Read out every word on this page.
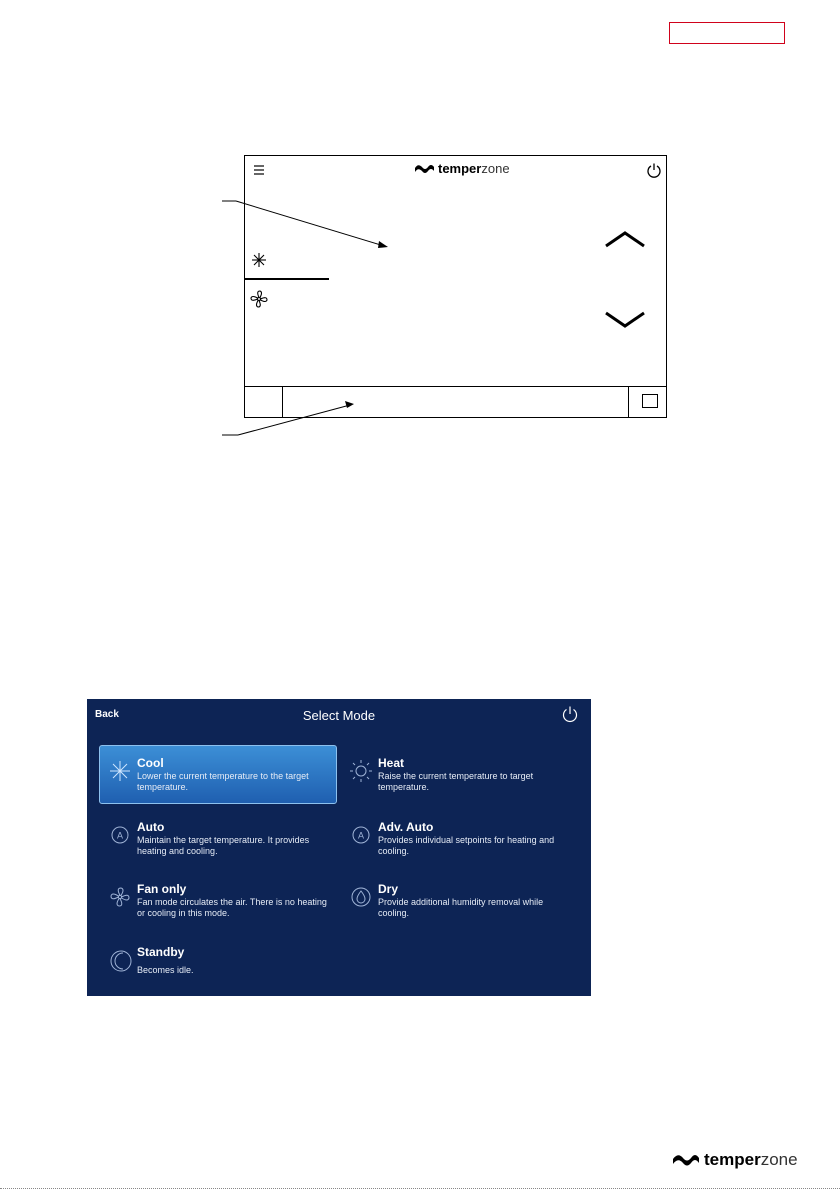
temper zone
Back	Select Mode
Cool
Lower the current temperature to the target temperature.
Heat
Raise the current temperature to target temperature.
A
Auto
Maintain the target temperature. It provides heating and cooling.
A
Adv. Auto
Provides individual setpoints for heating and cooling.
Fan only
Fan mode circulates the air. There is no heating or cooling in this mode.
Dry
Provide additional humidity removal while cooling.
Standby
Becomes idle.
temper zone
